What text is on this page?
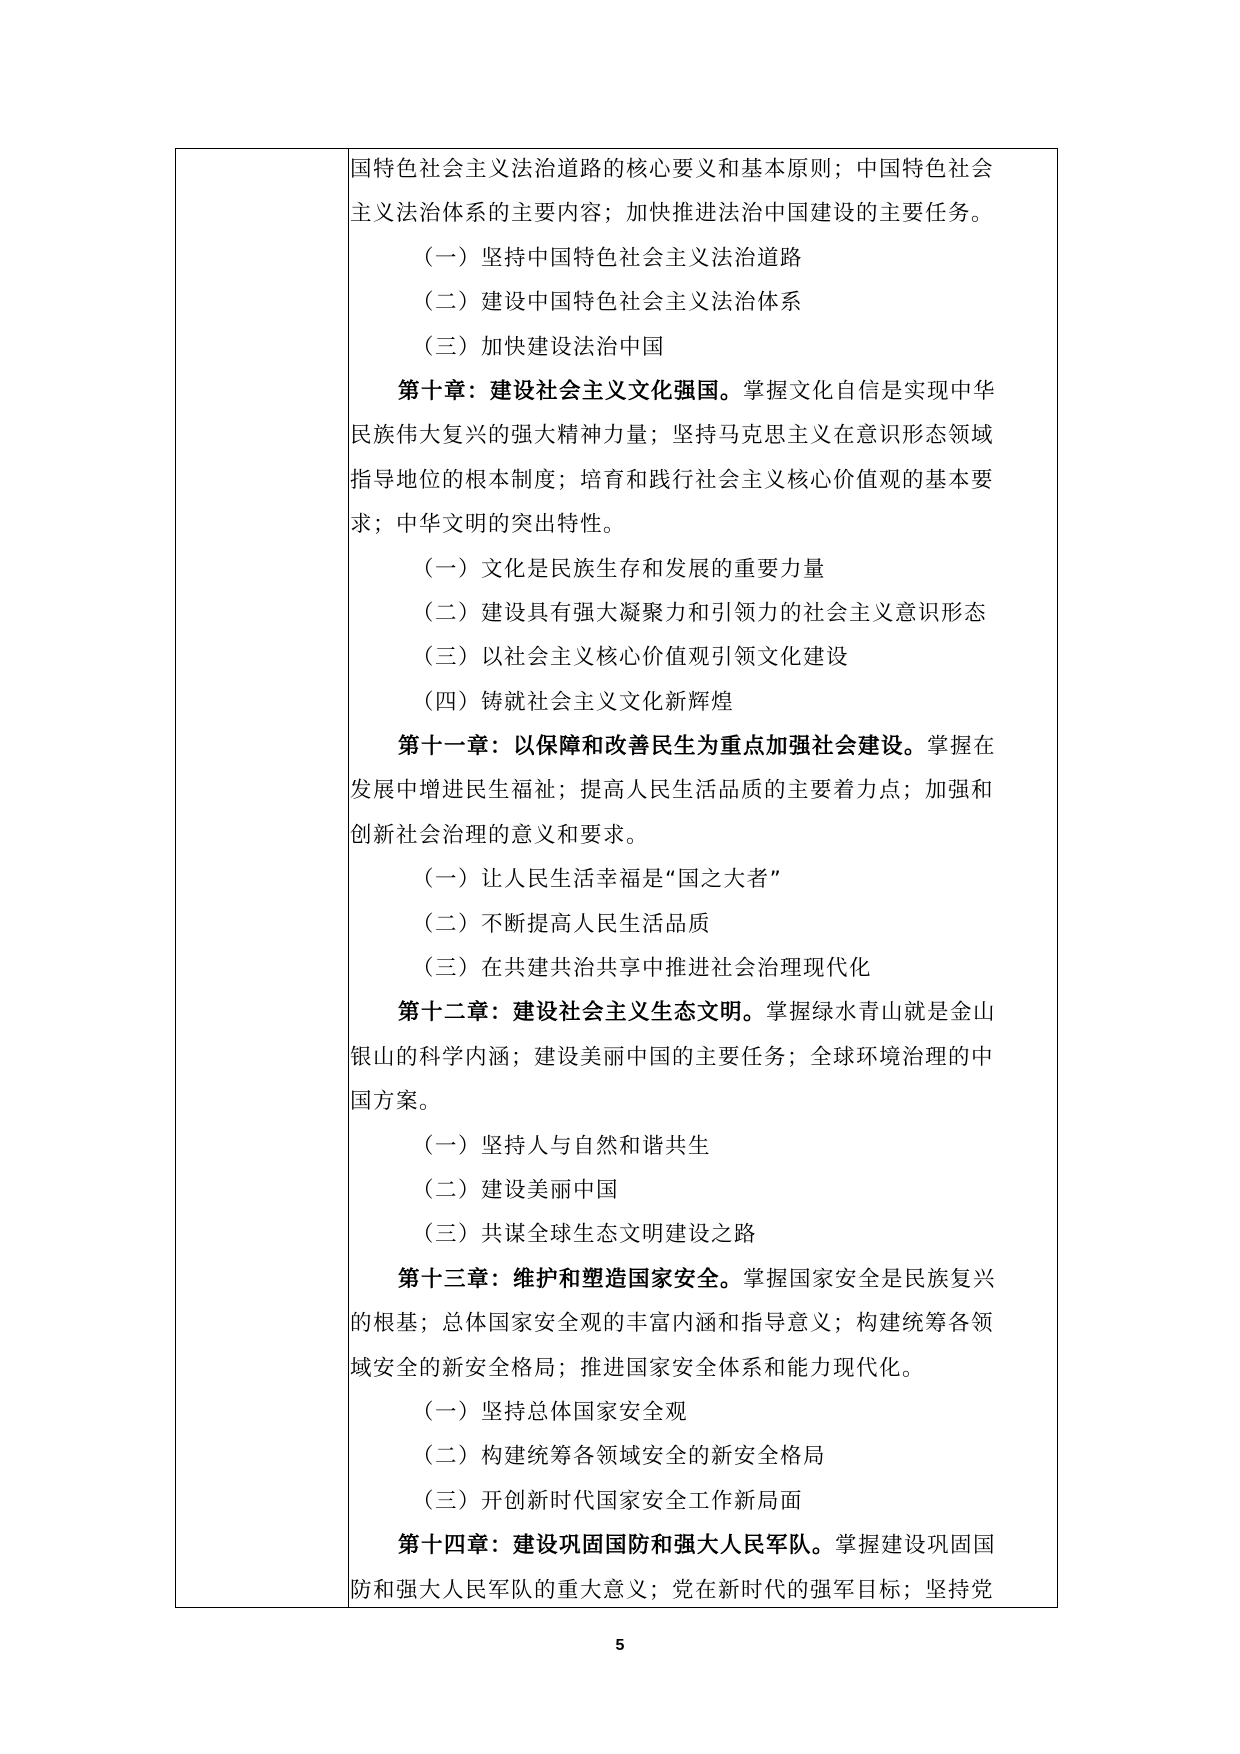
国特色社会主义法治道路的核心要义和基本原则；中国特色社会
主义法治体系的主要内容；加快推进法治中国建设的主要任务。
（一）坚持中国特色社会主义法治道路
（二）建设中国特色社会主义法治体系
（三）加快建设法治中国
第十章：建设社会主义文化强国。掌握文化自信是实现中华
民族伟大复兴的强大精神力量；坚持马克思主义在意识形态领域
指导地位的根本制度；培育和践行社会主义核心价值观的基本要
求；中华文明的突出特性。
（一）文化是民族生存和发展的重要力量
（二）建设具有强大凝聚力和引领力的社会主义意识形态
（三）以社会主义核心价值观引领文化建设
（四）铸就社会主义文化新辉煌
第十一章：以保障和改善民生为重点加强社会建设。掌握在
发展中增进民生福祉；提高人民生活品质的主要着力点；加强和
创新社会治理的意义和要求。
（一）让人民生活幸福是“国之大者”
（二）不断提高人民生活品质
（三）在共建共治共享中推进社会治理现代化
第十二章：建设社会主义生态文明。掌握绿水青山就是金山
银山的科学内涵；建设美丽中国的主要任务；全球环境治理的中
国方案。
（一）坚持人与自然和谐共生
（二）建设美丽中国
（三）共谋全球生态文明建设之路
第十三章：维护和塑造国家安全。掌握国家安全是民族复兴
的根基；总体国家安全观的丰富内涵和指导意义；构建统筹各领
域安全的新安全格局；推进国家安全体系和能力现代化。
（一）坚持总体国家安全观
（二）构建统筹各领域安全的新安全格局
（三）开创新时代国家安全工作新局面
第十四章：建设巩固国防和强大人民军队。掌握建设巩固国
防和强大人民军队的重大意义；党在新时代的强军目标；坚持党
5
